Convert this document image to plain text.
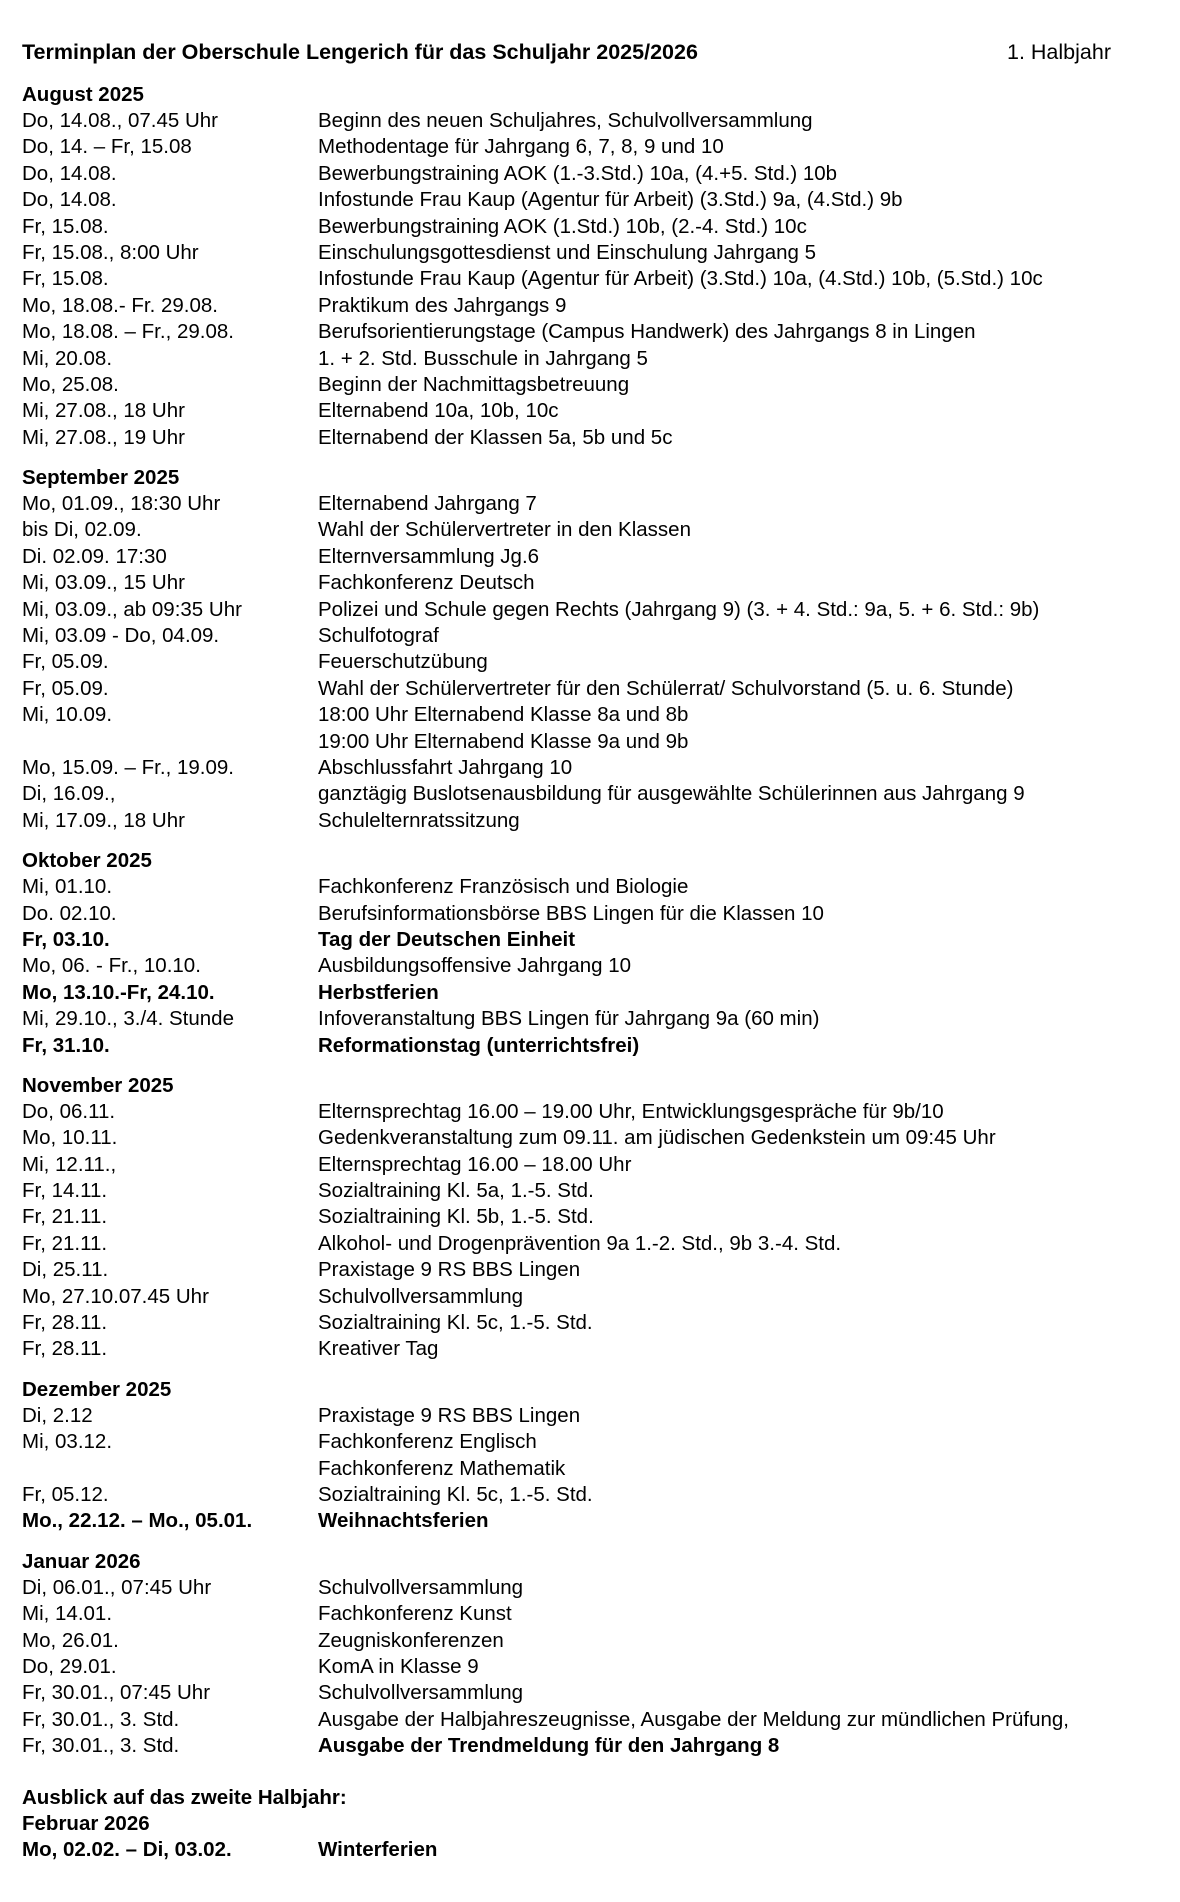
Terminplan der Oberschule Lengerich für das Schuljahr 2025/2026	1. Halbjahr
August 2025
Do, 14.08., 07.45 Uhr	Beginn des neuen Schuljahres, Schulvollversammlung
Do, 14. – Fr, 15.08	Methodentage für Jahrgang 6, 7, 8, 9 und 10
Do, 14.08.	Bewerbungstraining AOK (1.-3.Std.) 10a, (4.+5. Std.) 10b
Do, 14.08.	Infostunde Frau Kaup (Agentur für Arbeit) (3.Std.) 9a, (4.Std.) 9b
Fr, 15.08.	Bewerbungstraining AOK (1.Std.) 10b, (2.-4. Std.) 10c
Fr, 15.08., 8:00 Uhr	Einschulungsgottesdienst und Einschulung Jahrgang 5
Fr, 15.08.	Infostunde Frau Kaup (Agentur für Arbeit) (3.Std.) 10a, (4.Std.) 10b, (5.Std.) 10c
Mo, 18.08.- Fr. 29.08.	Praktikum des Jahrgangs 9
Mo, 18.08. – Fr., 29.08.	Berufsorientierungstage (Campus Handwerk) des Jahrgangs 8 in Lingen
Mi, 20.08.	1. + 2. Std. Busschule in Jahrgang 5
Mo, 25.08.	Beginn der Nachmittagsbetreuung
Mi, 27.08., 18 Uhr	Elternabend 10a, 10b, 10c
Mi, 27.08., 19 Uhr	Elternabend der Klassen 5a, 5b und 5c
September 2025
Mo, 01.09., 18:30 Uhr	Elternabend Jahrgang 7
bis Di, 02.09.	Wahl der Schülervertreter in den Klassen
Di. 02.09. 17:30	Elternversammlung Jg.6
Mi, 03.09., 15 Uhr	Fachkonferenz Deutsch
Mi, 03.09., ab 09:35 Uhr	Polizei und Schule gegen Rechts (Jahrgang 9) (3. + 4. Std.: 9a, 5. + 6. Std.: 9b)
Mi, 03.09 - Do, 04.09.	Schulfotograf
Fr, 05.09.	Feuerschutzübung
Fr, 05.09.	Wahl der Schülervertreter für den Schülerrat/ Schulvorstand (5. u. 6. Stunde)
Mi, 10.09.	18:00 Uhr Elternabend Klasse 8a und 8b
19:00 Uhr Elternabend Klasse 9a und 9b
Mo, 15.09. – Fr., 19.09.	Abschlussfahrt Jahrgang 10
Di, 16.09.,	ganztägig Buslotsenausbildung für ausgewählte Schülerinnen aus Jahrgang 9
Mi, 17.09., 18 Uhr	Schulelternratssitzung
Oktober 2025
Mi, 01.10.	Fachkonferenz Französisch und Biologie
Do. 02.10.	Berufsinformationsbörse BBS Lingen für die Klassen 10
Fr, 03.10.	Tag der Deutschen Einheit
Mo, 06. - Fr., 10.10.	Ausbildungsoffensive Jahrgang 10
Mo, 13.10.-Fr, 24.10.	Herbstferien
Mi, 29.10., 3./4. Stunde	Infoveranstaltung BBS Lingen für Jahrgang 9a (60 min)
Fr, 31.10.	Reformationstag (unterrichtsfrei)
November 2025
Do, 06.11.	Elternsprechtag 16.00 – 19.00 Uhr, Entwicklungsgespräche für 9b/10
Mo, 10.11.	Gedenkveranstaltung zum 09.11. am jüdischen Gedenkstein um 09:45 Uhr
Mi, 12.11.,	Elternsprechtag 16.00 – 18.00 Uhr
Fr, 14.11.	Sozialtraining Kl. 5a, 1.-5. Std.
Fr, 21.11.	Sozialtraining Kl. 5b, 1.-5. Std.
Fr, 21.11.	Alkohol- und Drogenprävention 9a 1.-2. Std., 9b 3.-4. Std.
Di, 25.11.	Praxistage 9 RS BBS Lingen
Mo, 27.10.07.45 Uhr	Schulvollversammlung
Fr, 28.11.	Sozialtraining Kl. 5c, 1.-5. Std.
Fr, 28.11.	Kreativer Tag
Dezember 2025
Di, 2.12	Praxistage 9 RS BBS Lingen
Mi, 03.12.	Fachkonferenz Englisch
Fachkonferenz Mathematik
Fr, 05.12.	Sozialtraining Kl. 5c, 1.-5. Std.
Mo., 22.12. – Mo., 05.01.	Weihnachtsferien
Januar 2026
Di, 06.01., 07:45 Uhr	Schulvollversammlung
Mi, 14.01.	Fachkonferenz Kunst
Mo, 26.01.	Zeugniskonferenzen
Do, 29.01.	KomA in Klasse 9
Fr, 30.01., 07:45 Uhr	Schulvollversammlung
Fr, 30.01., 3. Std.	Ausgabe der Halbjahreszeugnisse, Ausgabe der Meldung zur mündlichen Prüfung,
Fr, 30.01., 3. Std.	Ausgabe der Trendmeldung für den Jahrgang 8
Ausblick auf das zweite Halbjahr:
Februar 2026
Mo, 02.02. – Di, 03.02.	Winterferien
